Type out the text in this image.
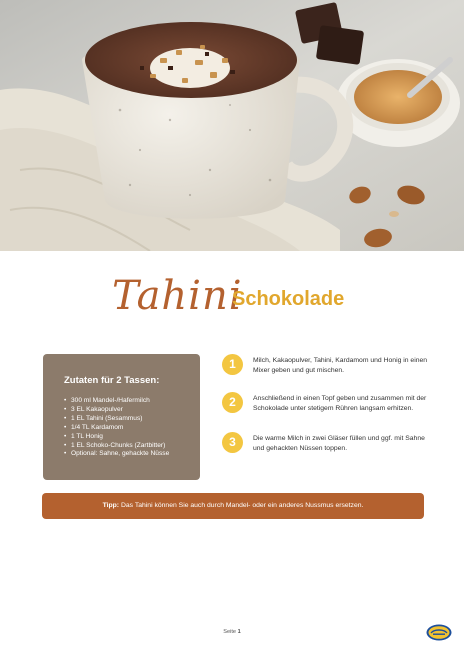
Tahini
Schokolade
Zutaten für 2 Tassen:
• 300 ml Mandel-/Hafermilch
• 3 EL Kakaopulver
• 1 EL Tahini (Sesammus)
• 1/4 TL Kardamom
• 1 TL Honig
• 1 EL Schoko-Chunks (Zartbitter)
• Optional: Sahne, gehackte Nüsse
1	Milch, Kakaopulver, Tahini, Kardamom und Honig in einen Mixer geben und gut mischen.
2	Anschließend in einen Topf geben und zusammen mit der Schokolade unter stetigem Rühren langsam erhitzen.
3	Die warme Milch in zwei Gläser füllen und ggf. mit Sahne und gehackten Nüssen toppen.
Tipp: Das Tahini können Sie auch durch Mandel- oder ein anderes Nussmus ersetzen.
Seite 1
